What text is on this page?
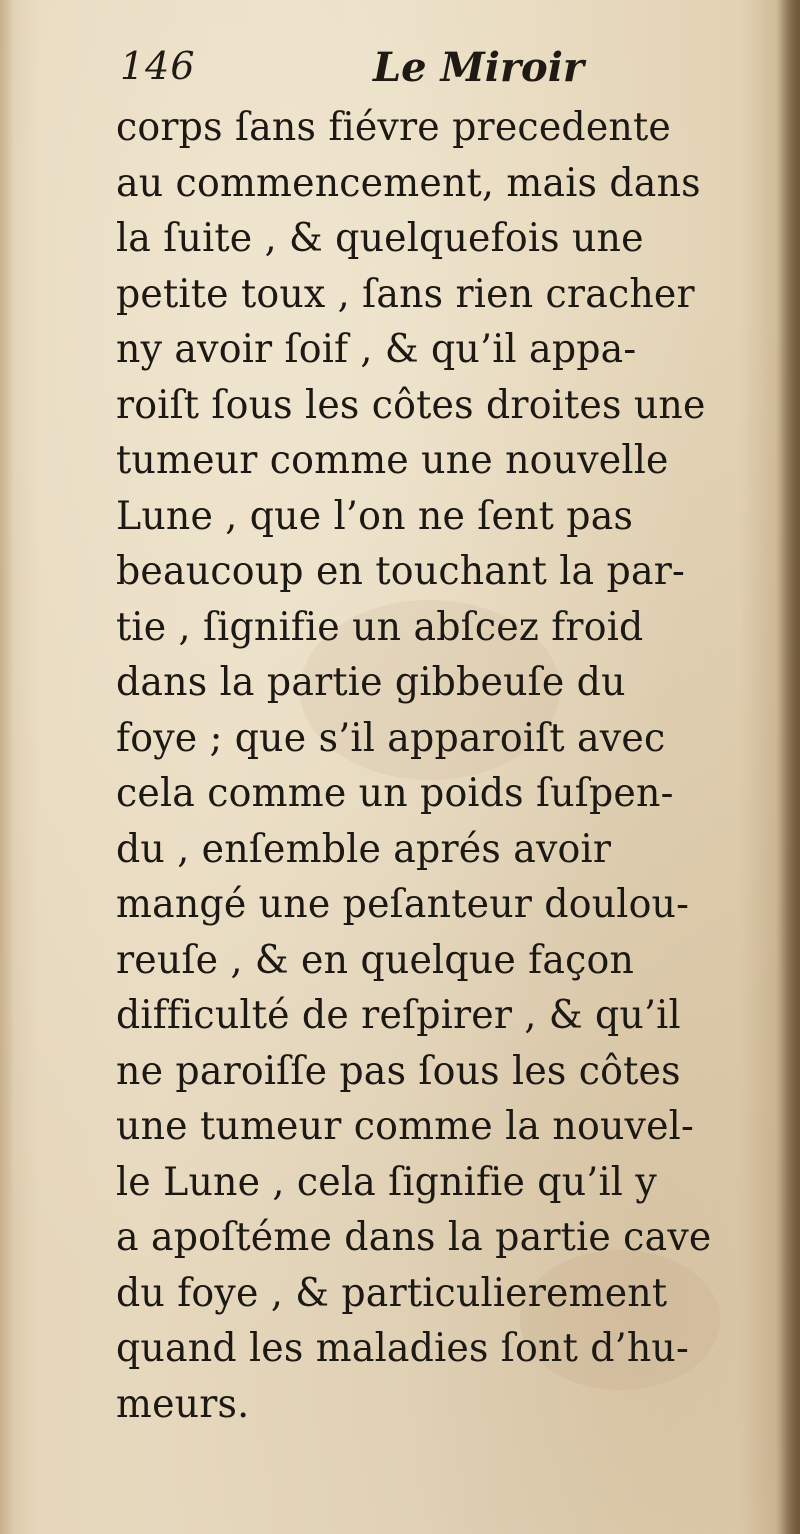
146	Le Miroir
corps ſans fiévre precedente
au commencement, mais dans
la ſuite , & quelquefois une
petite toux , ſans rien cracher
ny avoir ſoif , & qu’il appa-
roiſt ſous les côtes droites une
tumeur comme une nouvelle
Lune , que l’on ne ſent pas
beaucoup en touchant la par-
tie , ſignifie un abſcez froid
dans la partie gibbeuſe du
foye ; que s’il apparoiſt avec
cela comme un poids ſuſpen-
du , enſemble aprés avoir
mangé une peſanteur doulou-
reuſe , & en quelque façon
difficulté de reſpirer , & qu’il
ne paroiſſe pas ſous les côtes
une tumeur comme la nouvel-
le Lune , cela ſignifie qu’il y
a apoſtéme dans la partie cave
du foye , & particulierement
quand les maladies ſont d’hu-
meurs.
